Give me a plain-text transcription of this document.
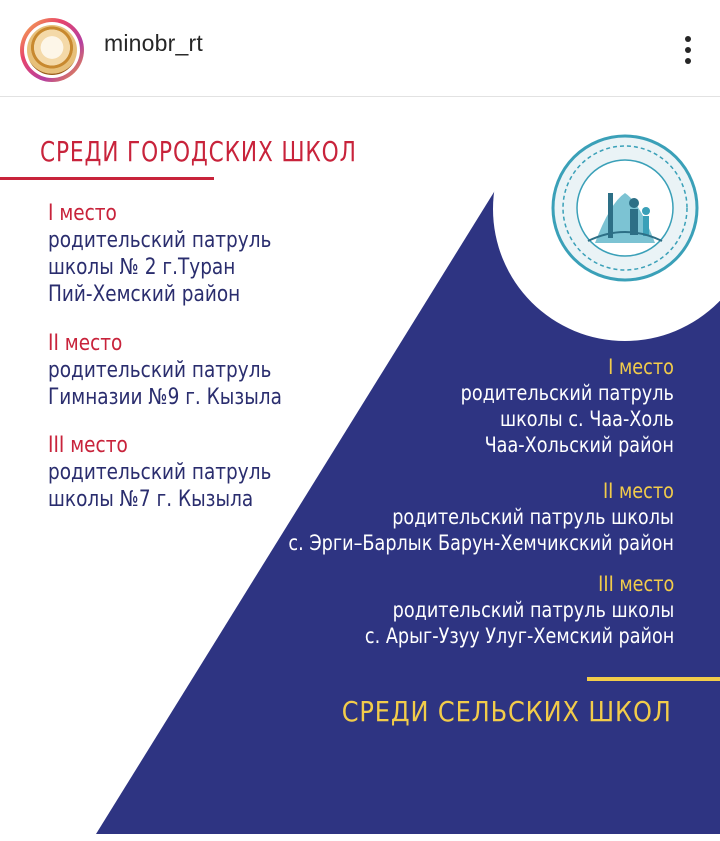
minobr_rt
СРЕДИ ГОРОДСКИХ ШКОЛ
I место
родительский патруль
школы № 2 г.Туран
Пий-Хемский район
II место
родительский патруль
Гимназии №9 г. Кызыла
III место
родительский патруль
школы №7 г. Кызыла
I место
родительский патруль
школы с. Чаа-Холь
Чаа-Хольский район
II место
родительский патруль школы
с. Эрги–Барлык Барун-Хемчикский район
III место
родительский патруль школы
с. Арыг-Узуу Улуг-Хемский район
СРЕДИ СЕЛЬСКИХ ШКОЛ
